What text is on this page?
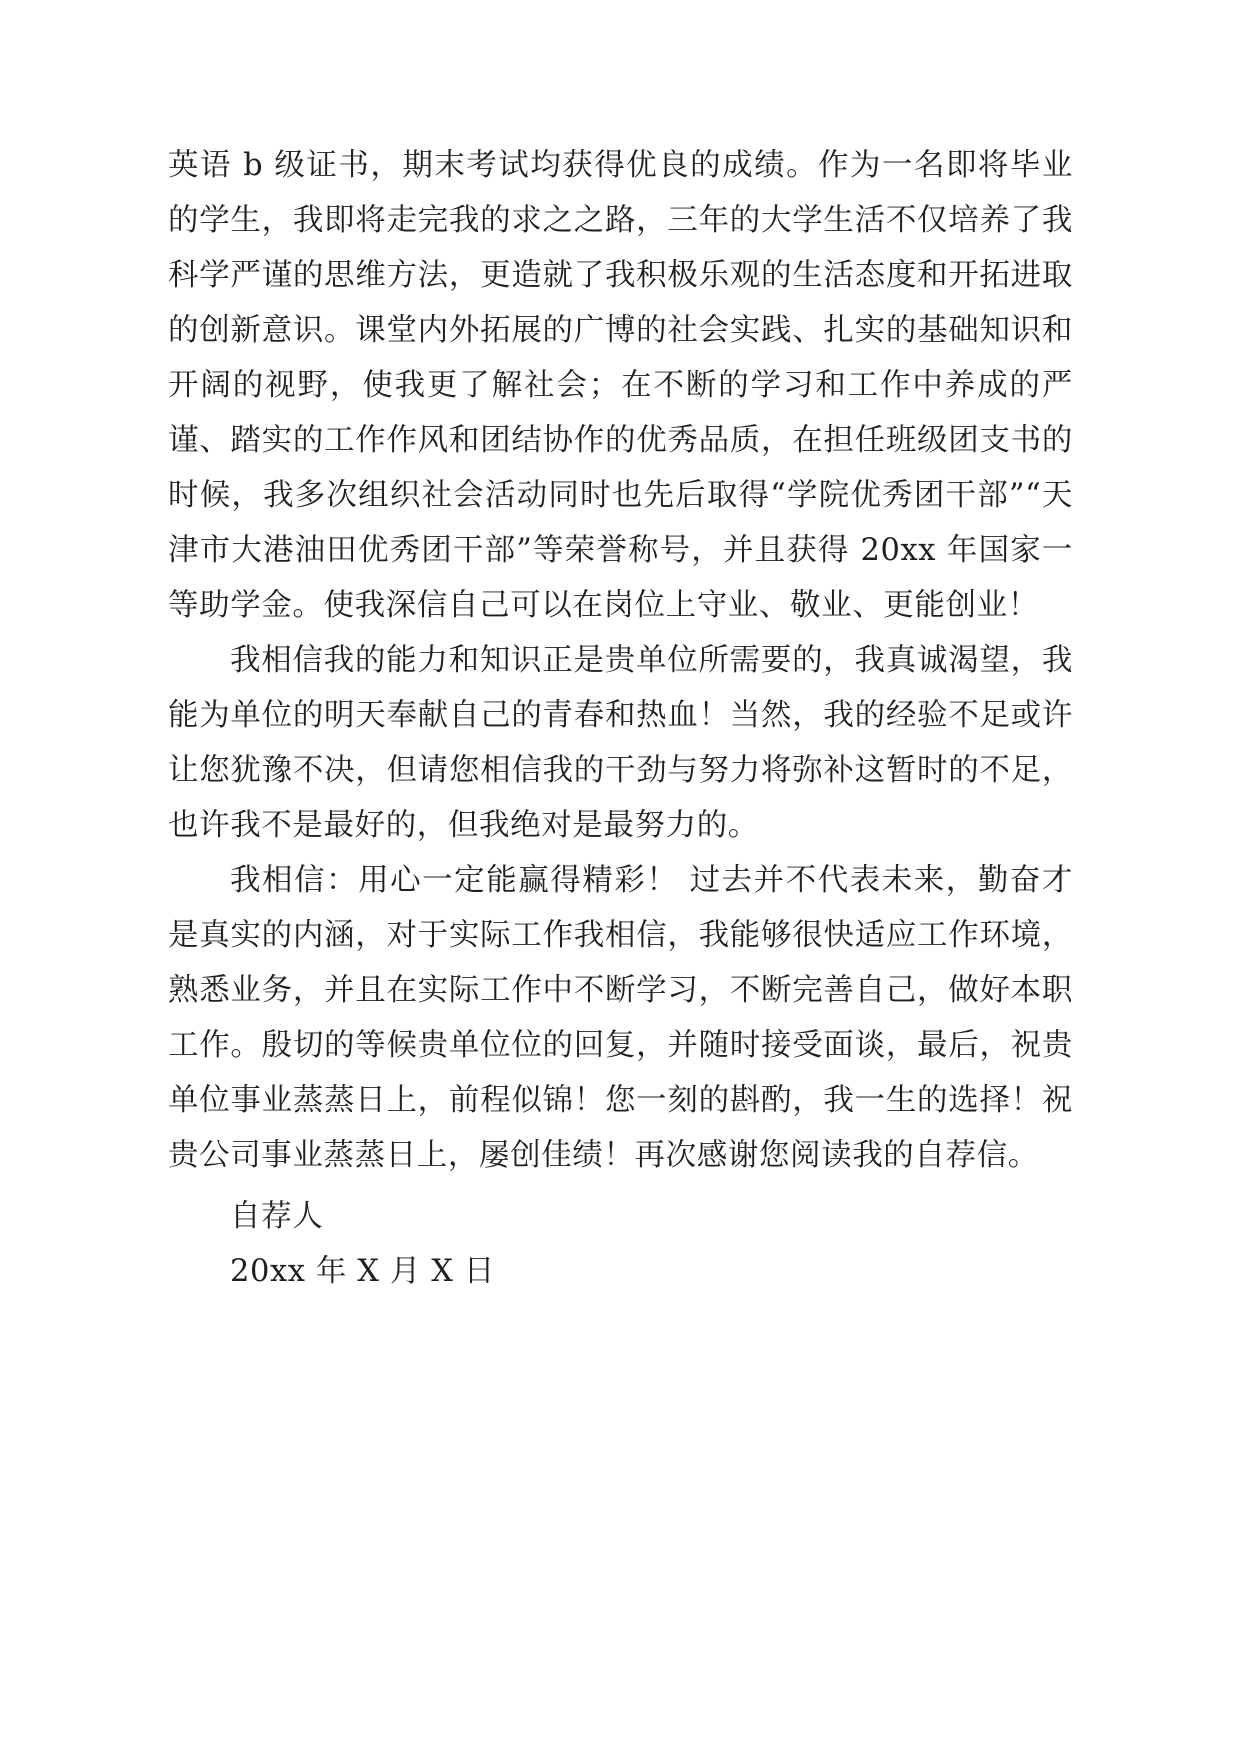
英语 b 级证书，期末考试均获得优良的成绩。作为一名即将毕业的学生，我即将走完我的求之之路，三年的大学生活不仅培养了我科学严谨的思维方法，更造就了我积极乐观的生活态度和开拓进取的创新意识。课堂内外拓展的广博的社会实践、扎实的基础知识和开阔的视野，使我更了解社会；在不断的学习和工作中养成的严谨、踏实的工作作风和团结协作的优秀品质，在担任班级团支书的时候，我多次组织社会活动同时也先后取得“学院优秀团干部”“天津市大港油田优秀团干部”等荣誉称号，并且获得 20xx 年国家一等助学金。使我深信自己可以在岗位上守业、敬业、更能创业！

我相信我的能力和知识正是贵单位所需要的，我真诚渴望，我能为单位的明天奉献自己的青春和热血！当然，我的经验不足或许让您犹豫不决，但请您相信我的干劲与努力将弥补这暂时的不足，也许我不是最好的，但我绝对是最努力的。

我相信：用心一定能赢得精彩！ 过去并不代表未来，勤奋才是真实的内涵，对于实际工作我相信，我能够很快适应工作环境，熟悉业务，并且在实际工作中不断学习，不断完善自己，做好本职工作。殷切的等候贵单位位的回复，并随时接受面谈，最后，祝贵单位事业蒸蒸日上，前程似锦！您一刻的斟酌，我一生的选择！祝贵公司事业蒸蒸日上，屡创佳绩！再次感谢您阅读我的自荐信。

自荐人
20xx 年 X 月 X 日
